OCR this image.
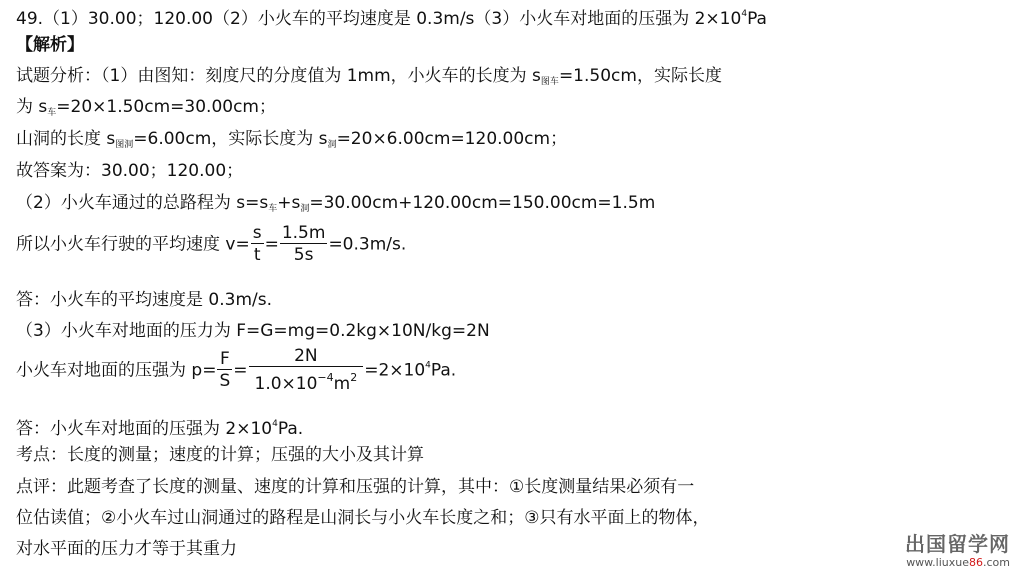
49.（1）30.00；120.00（2）小火车的平均速度是 0.3m/s（3）小火车对地面的压强为 $2\times 10^4Pa$
【解析】
试题分析：（1）由图知：刻度尺的分度值为 1mm，小火车的长度为 $s_{图车}=1.50cm$，实际长度
为 $s_车=20\times 1.50cm=30.00cm$；
山洞的长度 $s_{图洞}=6.00cm$，实际长度为 $s_洞=20\times 6.00cm=120.00cm$；
故答案为：30.00；120.00；
（2）小火车通过的总路程为 $s=s_车+s_洞=30.00cm+120.00cm=150.00cm=1.5m$
所以小火车行驶的平均速度 $v= \frac{s}{t} = \frac{1.5m}{5s} =0.3m/s$.
答：小火车的平均速度是 0.3m/s.
（3）小火车对地面的压力为 F=G=mg=0.2kg×10N/kg=2N
小火车对地面的压强为 $p= \frac{F}{S} = \frac{2N}{1.0\times 10^{-4}m^2} =2\times 10^4Pa$.
答：小火车对地面的压强为 $2\times 10^4Pa$.
考点：长度的测量；速度的计算；压强的大小及其计算
点评：此题考查了长度的测量、速度的计算和压强的计算，其中：①长度测量结果必须有一
位估读值；②小火车过山洞通过的路程是山洞长与小火车长度之和；③只有水平面上的物体，
对水平面的压力才等于其重力	出国留学网
www.liuxue86.com
